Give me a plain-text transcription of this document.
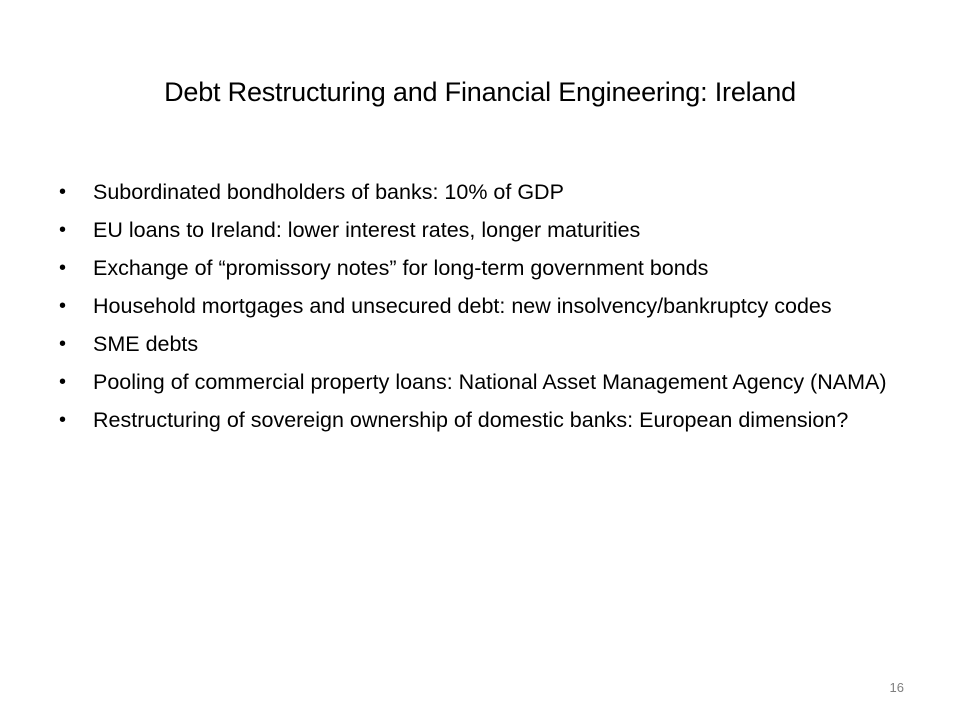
Debt Restructuring and Financial Engineering: Ireland
•	Subordinated bondholders of banks: 10% of GDP
•	EU loans to Ireland: lower interest rates, longer maturities
•	Exchange of “promissory notes” for long-term government bonds
•	Household mortgages and unsecured debt: new insolvency/bankruptcy codes
•	SME debts
•	Pooling of commercial property loans: National Asset Management Agency (NAMA)
•	Restructuring of sovereign ownership of domestic banks: European dimension?
16
